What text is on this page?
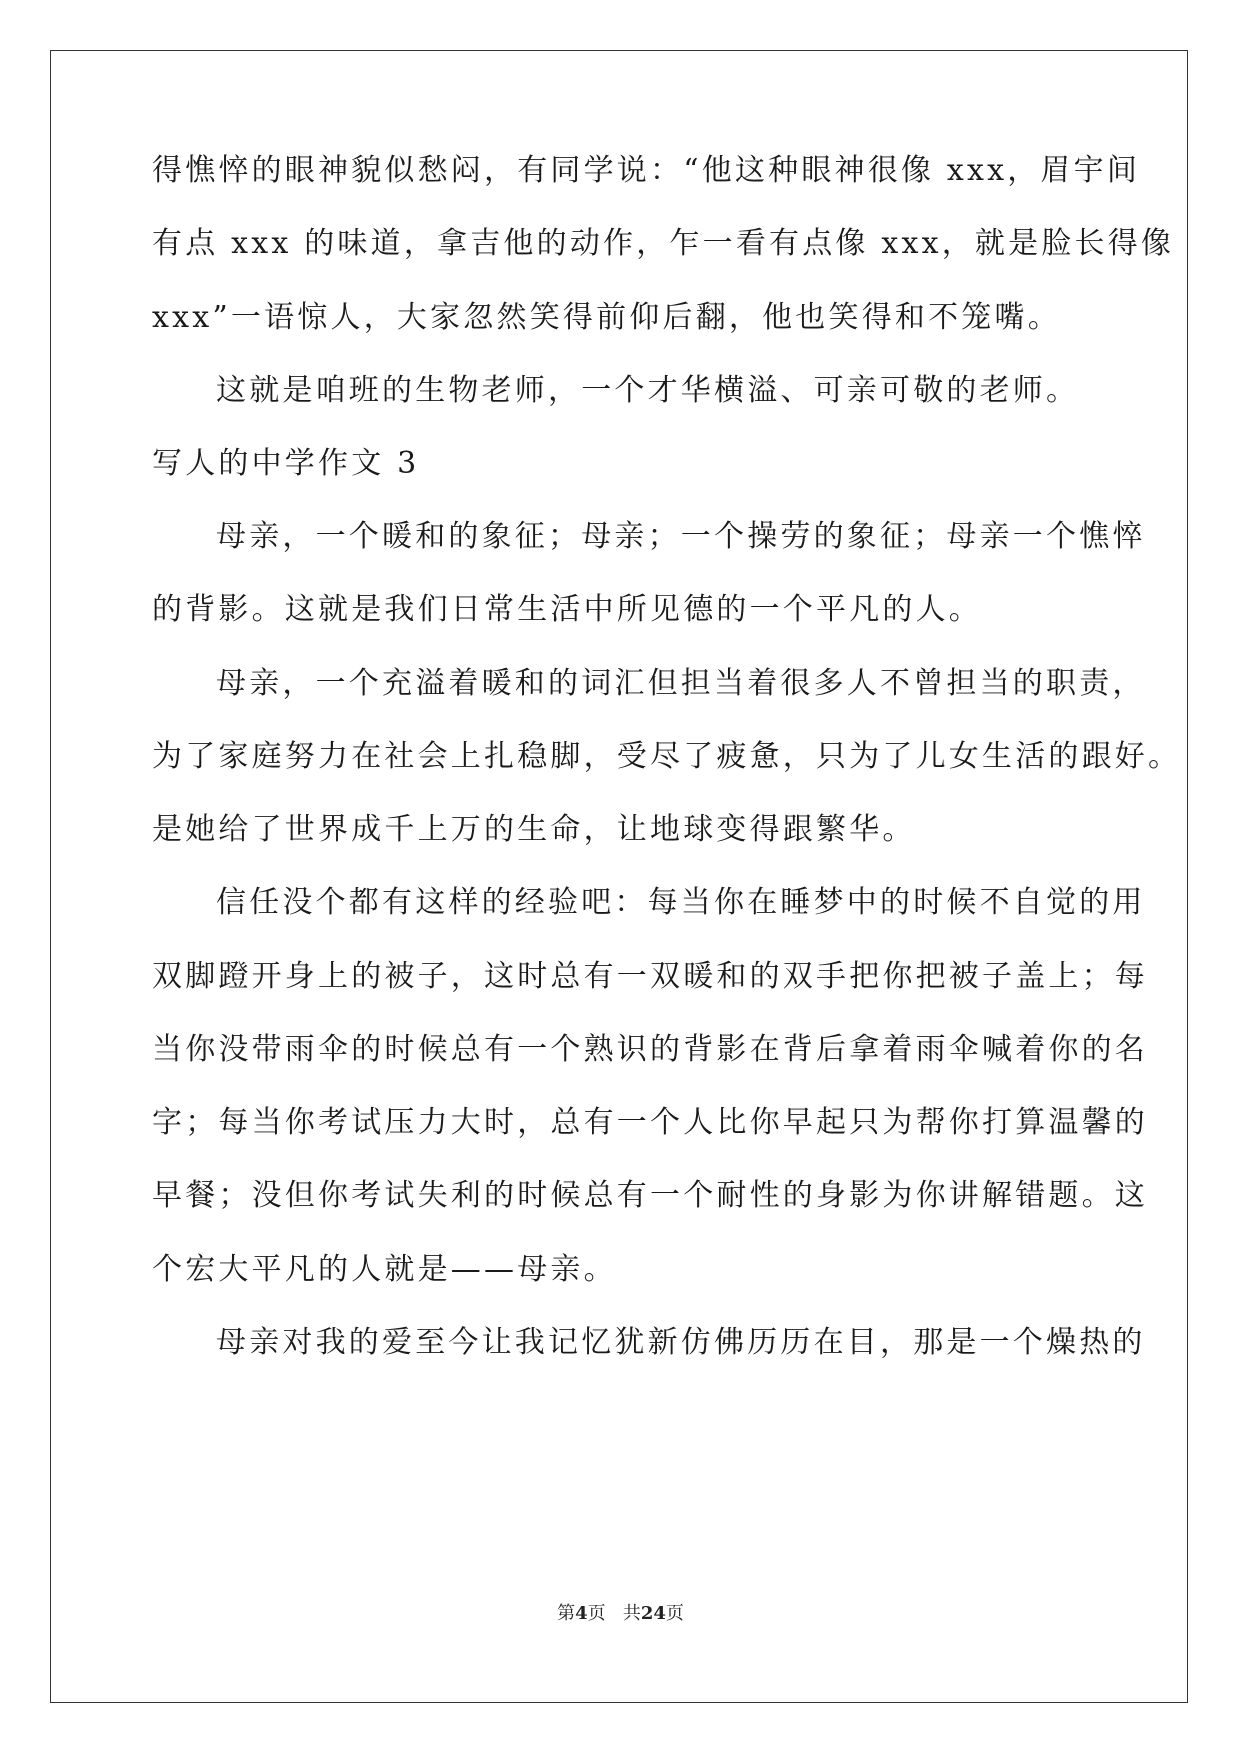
得憔悴的眼神貌似愁闷，有同学说：“他这种眼神很像 xxx，眉宇间
有点 xxx 的味道，拿吉他的动作，乍一看有点像 xxx，就是脸长得像
xxx”一语惊人，大家忽然笑得前仰后翻，他也笑得和不笼嘴。
这就是咱班的生物老师，一个才华横溢、可亲可敬的老师。
写人的中学作文 3
母亲，一个暖和的象征；母亲；一个操劳的象征；母亲一个憔悴
的背影。这就是我们日常生活中所见德的一个平凡的人。
母亲，一个充溢着暖和的词汇但担当着很多人不曾担当的职责，
为了家庭努力在社会上扎稳脚，受尽了疲惫，只为了儿女生活的跟好。
是她给了世界成千上万的生命，让地球变得跟繁华。
信任没个都有这样的经验吧：每当你在睡梦中的时候不自觉的用
双脚蹬开身上的被子，这时总有一双暖和的双手把你把被子盖上；每
当你没带雨伞的时候总有一个熟识的背影在背后拿着雨伞喊着你的名
字；每当你考试压力大时，总有一个人比你早起只为帮你打算温馨的
早餐；没但你考试失利的时候总有一个耐性的身影为你讲解错题。这
个宏大平凡的人就是——母亲。
母亲对我的爱至今让我记忆犹新仿佛历历在目，那是一个燥热的
第4页 共24页
